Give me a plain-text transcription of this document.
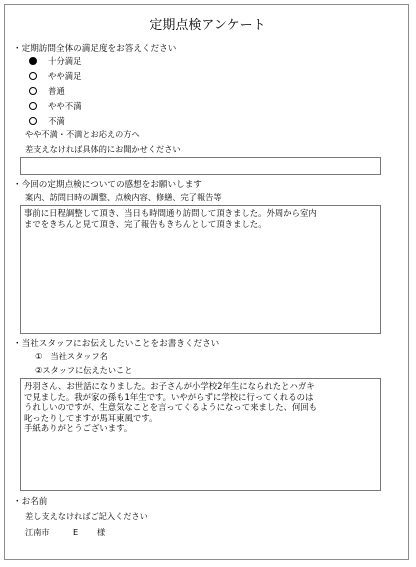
定期点検アンケート
・定期訪問全体の満足度をお答えください
十分満足
やや満足
普通
やや不満
不満
やや不満・不満とお応えの方へ
差支えなければ具体的にお聞かせください
・今回の定期点検についての感想をお願いします
案内、訪問日時の調整、点検内容、修繕、完了報告等
事前に日程調整して頂き、当日も時間通り訪問して頂きました。外周から室内
までをきちんと見て頂き、完了報告もきちんとして頂きました。
・当社スタッフにお伝えしたいことをお書きください
①　当社スタッフ名
②スタッフに伝えたいこと
丹羽さん、お世話になりました。お子さんが小学校2年生になられたとハガキ
で見ました。我が家の孫も1年生です。いやがらずに学校に行ってくれるのは
うれしいのですが、生意気なことを言ってくるようになって来ました、何回も
叱ったりしてますが馬耳東風です。
手紙ありがとうございます。
・お名前
差し支えなければご記入ください
江南市	E 様
